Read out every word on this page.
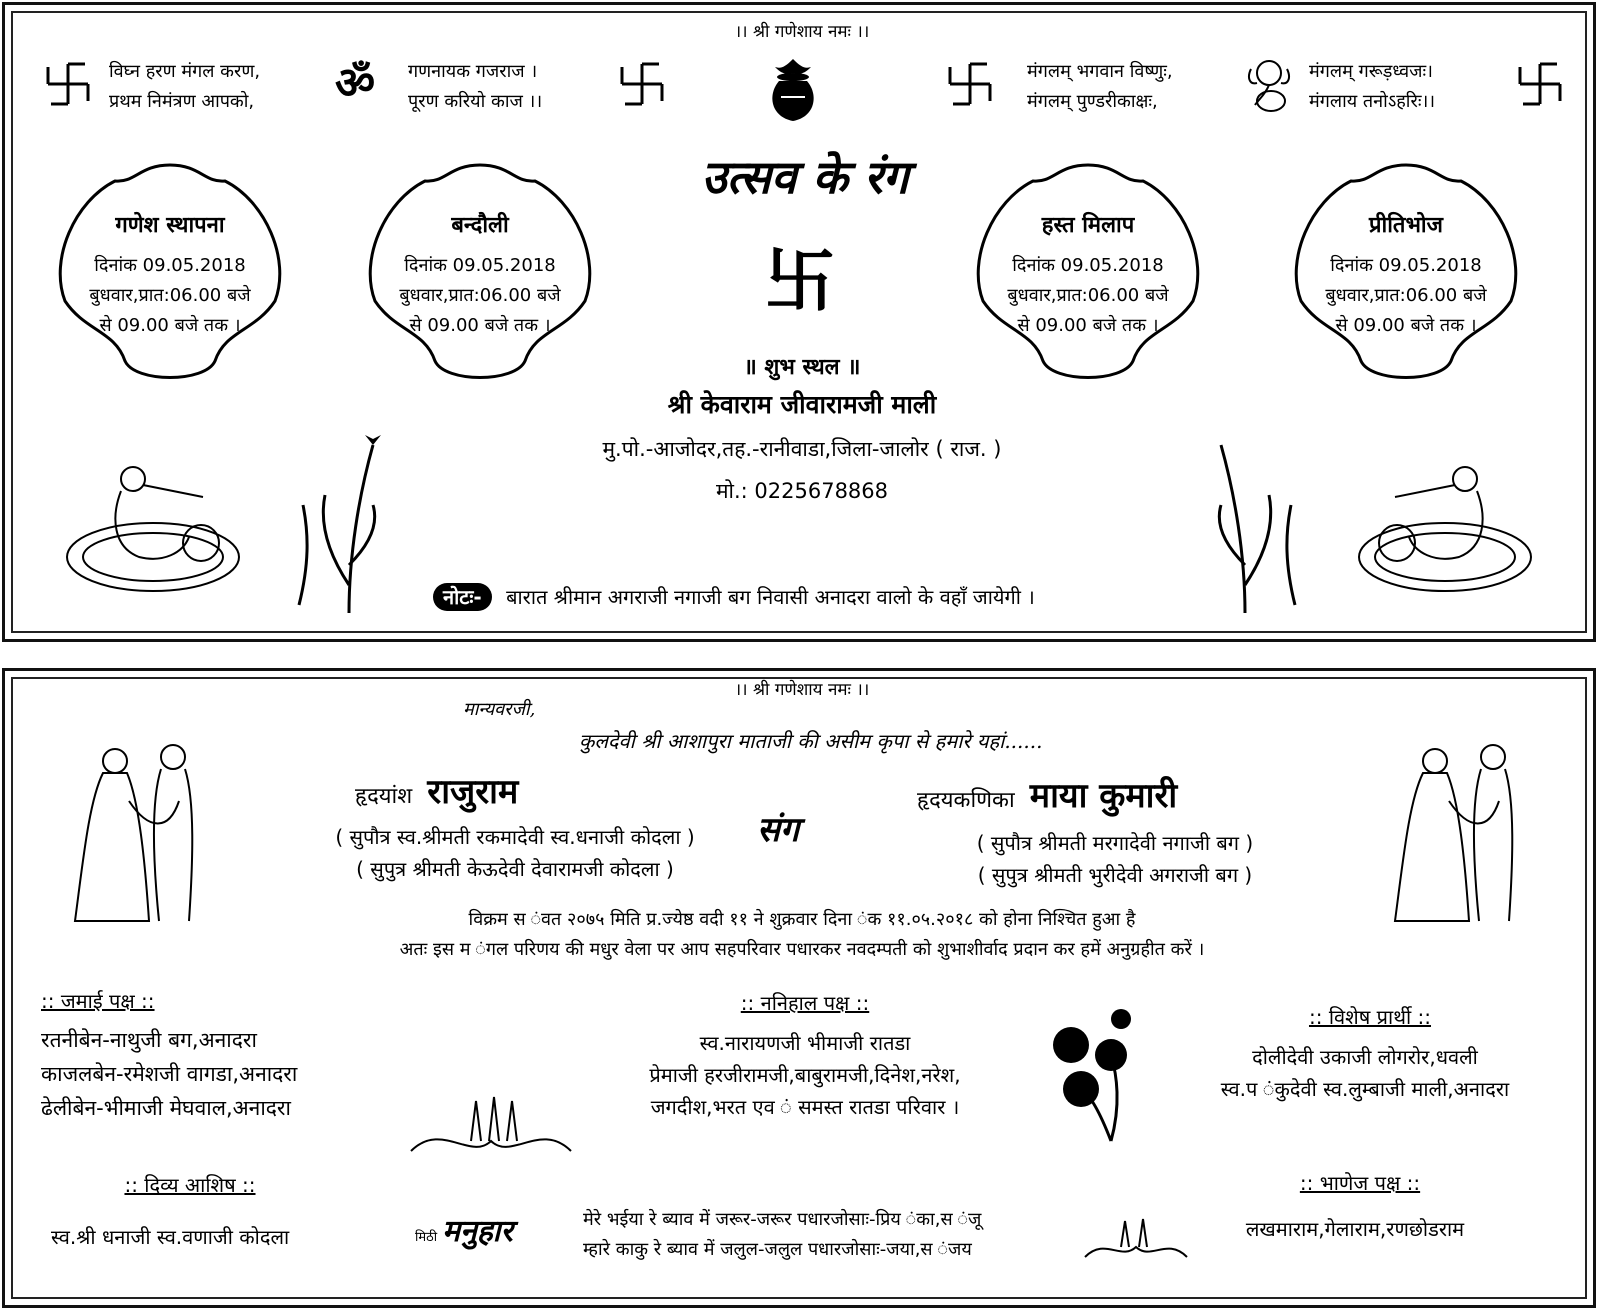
।। श्री गणेशाय नमः ।।
विघ्न हरण मंगल करण,
प्रथम निमंत्रण आपको, ॐ गणनायक गजराज ।
पूरण करियो काज ।।
मंगलम् भगवान विष्णुः,
मंगलम् पुण्डरीकाक्षः,
मंगलम् गरूड़ध्वजः।
मंगलाय तनोऽहरिः।।
उत्सव के रंग
卐
गणेश स्थापना
दिनांक 09.05.2018
बुधवार,प्रात:06.00 बजे
से 09.00 बजे तक ।
बन्दौली
दिनांक 09.05.2018
बुधवार,प्रात:06.00 बजे
से 09.00 बजे तक ।
हस्त मिलाप
दिनांक 09.05.2018
बुधवार,प्रात:06.00 बजे
से 09.00 बजे तक ।
प्रीतिभोज
दिनांक 09.05.2018
बुधवार,प्रात:06.00 बजे
से 09.00 बजे तक ।
॥ शुभ स्थल ॥
श्री केवाराम जीवारामजी माली
मु.पो.-आजोदर,तह.-रानीवाडा,जिला-जालोर ( राज. )
मो.: 0225678868
नोटः- बारात श्रीमान अगराजी नगाजी बग निवासी अनादरा वालो के वहाँ जायेगी ।
।। श्री गणेशाय नमः ।।
मान्यवरजी,
कुलदेवी श्री आशापुरा माताजी की असीम कृपा से हमारे यहां......
हृदयांश राजुराम
( सुपौत्र स्व.श्रीमती रकमादेवी स्व.धनाजी कोदला )
( सुपुत्र श्रीमती केऊदेवी देवारामजी कोदला )
संग
हृदयकणिका माया कुमारी
( सुपौत्र श्रीमती मरगादेवी नगाजी बग )
( सुपुत्र श्रीमती भुरीदेवी अगराजी बग )
विक्रम स ंवत २०७५ मिति प्र.ज्येष्ठ वदी ११ ने शुक्रवार दिना ंक ११.०५.२०१८ को होना निश्चित हुआ है
अतः इस म ंगल परिणय की मधुर वेला पर आप सहपरिवार पधारकर नवदम्पती को शुभाशीर्वाद प्रदान कर हमें अनुग्रहीत करें ।
:: जमाई पक्ष ::
रतनीबेन-नाथुजी बग,अनादरा
काजलबेन-रमेशजी वागडा,अनादरा
ढेलीबेन-भीमाजी मेघवाल,अनादरा
:: ननिहाल पक्ष ::
स्व.नारायणजी भीमाजी रातडा
प्रेमाजी हरजीरामजी,बाबुरामजी,दिनेश,नरेश,
जगदीश,भरत एव ं समस्त रातडा परिवार ।
:: विशेष प्रार्थी ::
दोलीदेवी उकाजी लोगरोर,धवली
स्व.प ंकुदेवी स्व.लुम्बाजी माली,अनादरा
:: दिव्य आशिष ::
स्व.श्री धनाजी स्व.वणाजी कोदला	मिठी मनुहार	मेरे भईया रे ब्याव में जरूर-जरूर पधारजोसाः-प्रिय ंका,स ंजू
म्हारे काकु रे ब्याव में जलुल-जलुल पधारजोसाः-जया,स ंजय
:: भाणेज पक्ष ::
लखमाराम,गेलाराम,रणछोडराम
